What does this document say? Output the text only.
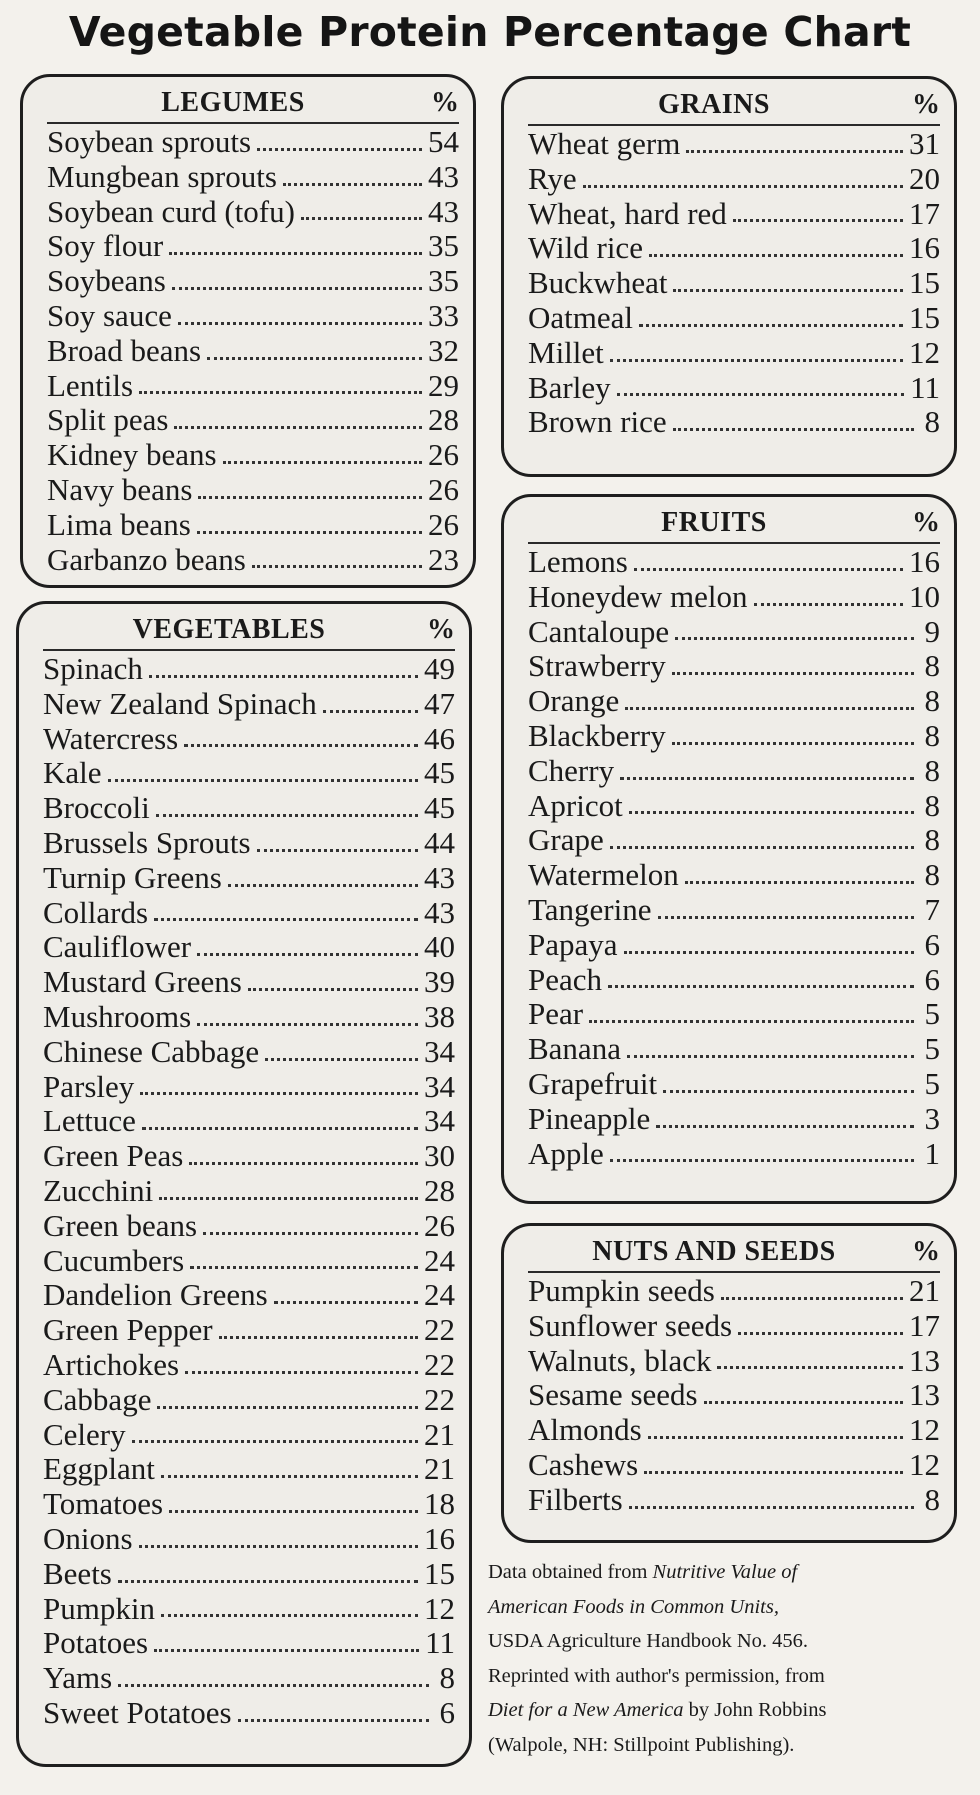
Vegetable Protein Percentage Chart
LEGUMES	%
Soybean sprouts	54
Mungbean sprouts	43
Soybean curd (tofu)	43
Soy flour	35
Soybeans	35
Soy sauce	33
Broad beans	32
Lentils	29
Split peas	28
Kidney beans	26
Navy beans	26
Lima beans	26
Garbanzo beans	23
VEGETABLES	%
Spinach	49
New Zealand Spinach	47
Watercress	46
Kale	45
Broccoli	45
Brussels Sprouts	44
Turnip Greens	43
Collards	43
Cauliflower	40
Mustard Greens	39
Mushrooms	38
Chinese Cabbage	34
Parsley	34
Lettuce	34
Green Peas	30
Zucchini	28
Green beans	26
Cucumbers	24
Dandelion Greens	24
Green Pepper	22
Artichokes	22
Cabbage	22
Celery	21
Eggplant	21
Tomatoes	18
Onions	16
Beets	15
Pumpkin	12
Potatoes	11
Yams	8
Sweet Potatoes	6
GRAINS	%
Wheat germ	31
Rye	20
Wheat, hard red	17
Wild rice	16
Buckwheat	15
Oatmeal	15
Millet	12
Barley	11
Brown rice	8
FRUITS	%
Lemons	16
Honeydew melon	10
Cantaloupe	9
Strawberry	8
Orange	8
Blackberry	8
Cherry	8
Apricot	8
Grape	8
Watermelon	8
Tangerine	7
Papaya	6
Peach	6
Pear	5
Banana	5
Grapefruit	5
Pineapple	3
Apple	1
NUTS AND SEEDS	%
Pumpkin seeds	21
Sunflower seeds	17
Walnuts, black	13
Sesame seeds	13
Almonds	12
Cashews	12
Filberts	8
Data obtained from Nutritive Value of
American Foods in Common Units,
USDA Agriculture Handbook No. 456.
Reprinted with author's permission, from
Diet for a New America by John Robbins
(Walpole, NH: Stillpoint Publishing).
